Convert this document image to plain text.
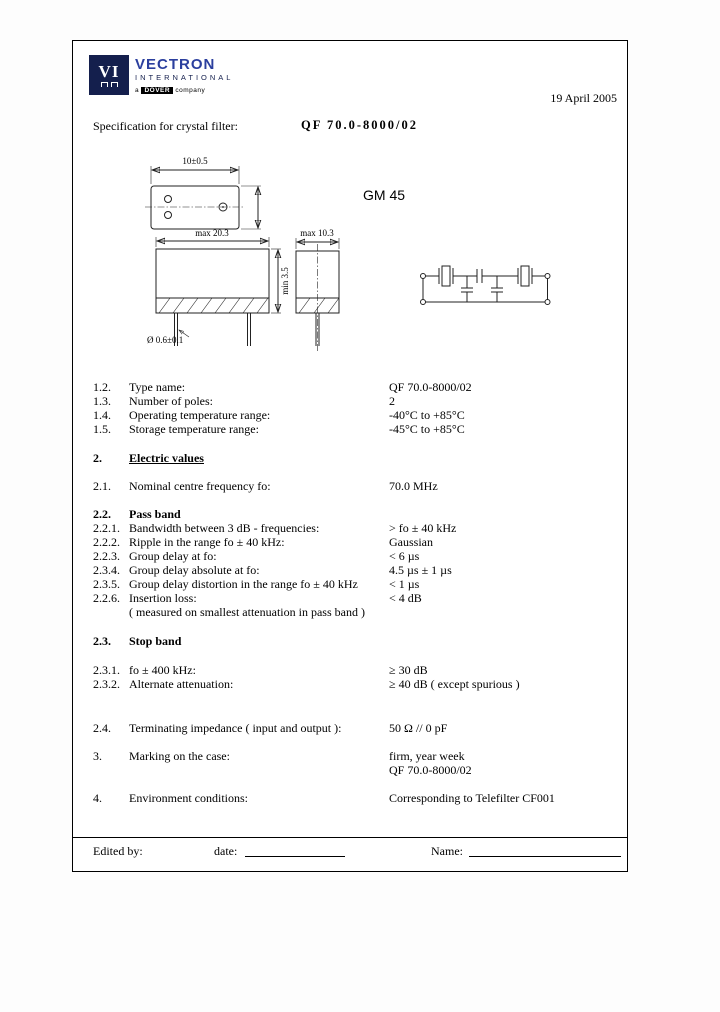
VI VECTRON
INTERNATIONAL
a DOVER company
19 April 2005
Specification for crystal filter:	QF 70.0-8000/02
10±0.5
GM 45
max 20.3
min 3.5
Ø 0.6±0.1
max 10.3
1.2. Type name:	QF 70.0-8000/02
1.3. Number of poles:	2
1.4. Operating temperature range:	-40°C to +85°C
1.5. Storage temperature range:	-45°C to +85°C
2. Electric values
2.1. Nominal centre frequency fo:	70.0 MHz
2.2. Pass band
2.2.1. Bandwidth between 3 dB - frequencies:	> fo ± 40 kHz
2.2.2. Ripple in the range fo ± 40 kHz:	Gaussian
2.2.3. Group delay at fo:	< 6 µs
2.3.4. Group delay absolute at fo:	4.5 µs ± 1 µs
2.3.5. Group delay distortion in the range fo ± 40 kHz	< 1 µs
2.2.6. Insertion loss:	< 4 dB
( measured on smallest attenuation in pass band )
2.3. Stop band
2.3.1. fo ± 400 kHz:	≥ 30 dB
2.3.2. Alternate attenuation:	≥ 40 dB ( except spurious )
2.4. Terminating impedance ( input and output ):	50 Ω // 0 pF
3. Marking on the case:	firm, year week
QF 70.0-8000/02
4. Environment conditions:	Corresponding to Telefilter CF001
Edited by:	date:	Name:
